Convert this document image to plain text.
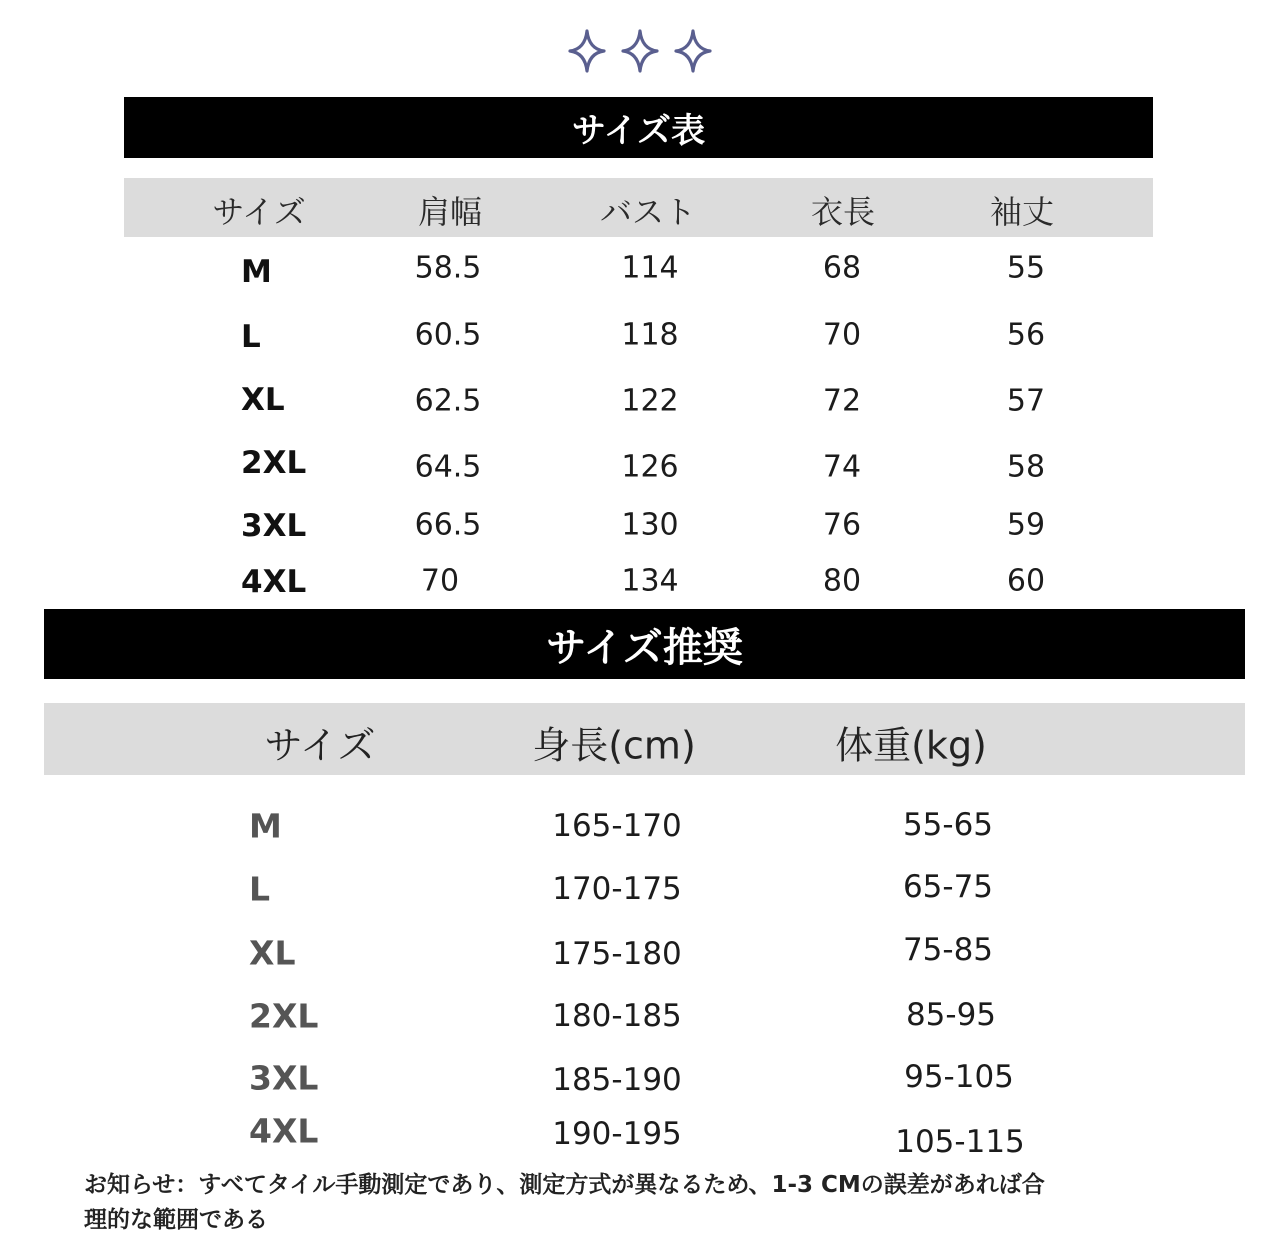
サイズ表
サイズ	肩幅	バスト	衣長	袖丈
M	58.5	114	68	55
L	60.5	118	70	56
XL	62.5	122	72	57
2XL	64.5	126	74	58
3XL	66.5	130	76	59
4XL	70	134	80	60
サイズ推奨
サイズ	身長(cm)	体重(kg)
M	165-170	55-65
L	170-175	65-75
XL	175-180	75-85
2XL	180-185	85-95
3XL	185-190	95-105
4XL	190-195	105-115
お知らせ：すべてタイル手動測定であり、測定方式が異なるため、1-3 CMの誤差があれば合
理的な範囲である
